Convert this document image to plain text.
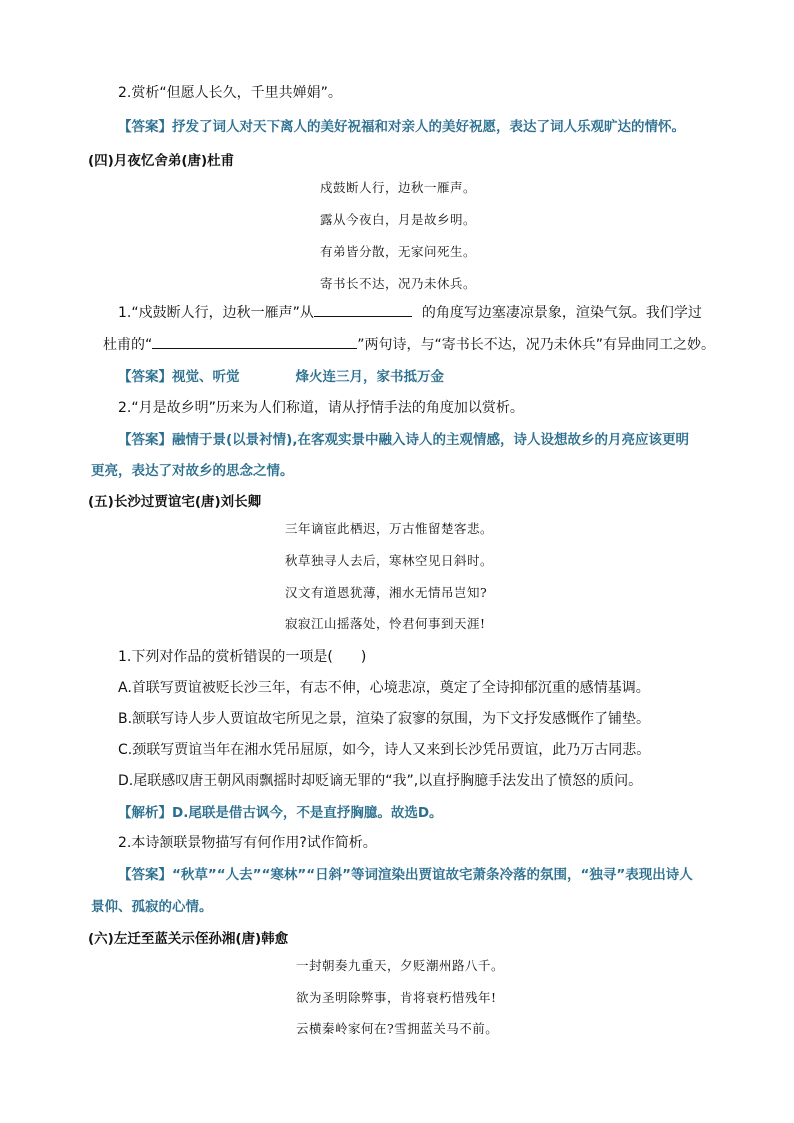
2.赏析“但愿人长久，千里共婵娟”。
【答案】抒发了词人对天下离人的美好祝福和对亲人的美好祝愿，表达了词人乐观旷达的情怀。
(四)月夜忆舍弟(唐)杜甫
戍鼓断人行，边秋一雁声。
露从今夜白，月是故乡明。
有弟皆分散，无家问死生。
寄书长不达，况乃未休兵。
1.“戍鼓断人行，边秋一雁声”从	的角度写边塞凄凉景象，渲染气氛。我们学过
杜甫的“	”两句诗，与“寄书长不达，况乃未休兵”有异曲同工之妙。
【答案】视觉、听觉	烽火连三月，家书抵万金
2.“月是故乡明”历来为人们称道，请从抒情手法的角度加以赏析。
【答案】融情于景(以景衬情),在客观实景中融入诗人的主观情感，诗人设想故乡的月亮应该更明
更亮，表达了对故乡的思念之情。
(五)长沙过贾谊宅(唐)刘长卿
三年谪宦此栖迟，万古惟留楚客悲。
秋草独寻人去后，寒林空见日斜时。
汉文有道恩犹薄，湘水无情吊岂知?
寂寂江山摇落处，怜君何事到天涯!
1.下列对作品的赏析错误的一项是(　　)
A.首联写贾谊被贬长沙三年，有志不伸，心境悲凉，奠定了全诗抑郁沉重的感情基调。
B.颔联写诗人步人贾谊故宅所见之景，渲染了寂寥的氛围，为下文抒发感慨作了铺垫。
C.颈联写贾谊当年在湘水凭吊屈原，如今，诗人又来到长沙凭吊贾谊，此乃万古同悲。
D.尾联感叹唐王朝风雨飘摇时却贬谪无罪的“我”,以直抒胸臆手法发出了愤怒的质问。
【解析】D.尾联是借古讽今，不是直抒胸臆。故选D。
2.本诗颔联景物描写有何作用?试作简析。
【答案】“秋草”“人去”“寒林”“日斜”等词渲染出贾谊故宅萧条冷落的氛围，“独寻”表现出诗人
景仰、孤寂的心情。
(六)左迁至蓝关示侄孙湘(唐)韩愈
一封朝奏九重天，夕贬潮州路八千。
欲为圣明除弊事，肯将衰朽惜残年!
云横秦岭家何在?雪拥蓝关马不前。
